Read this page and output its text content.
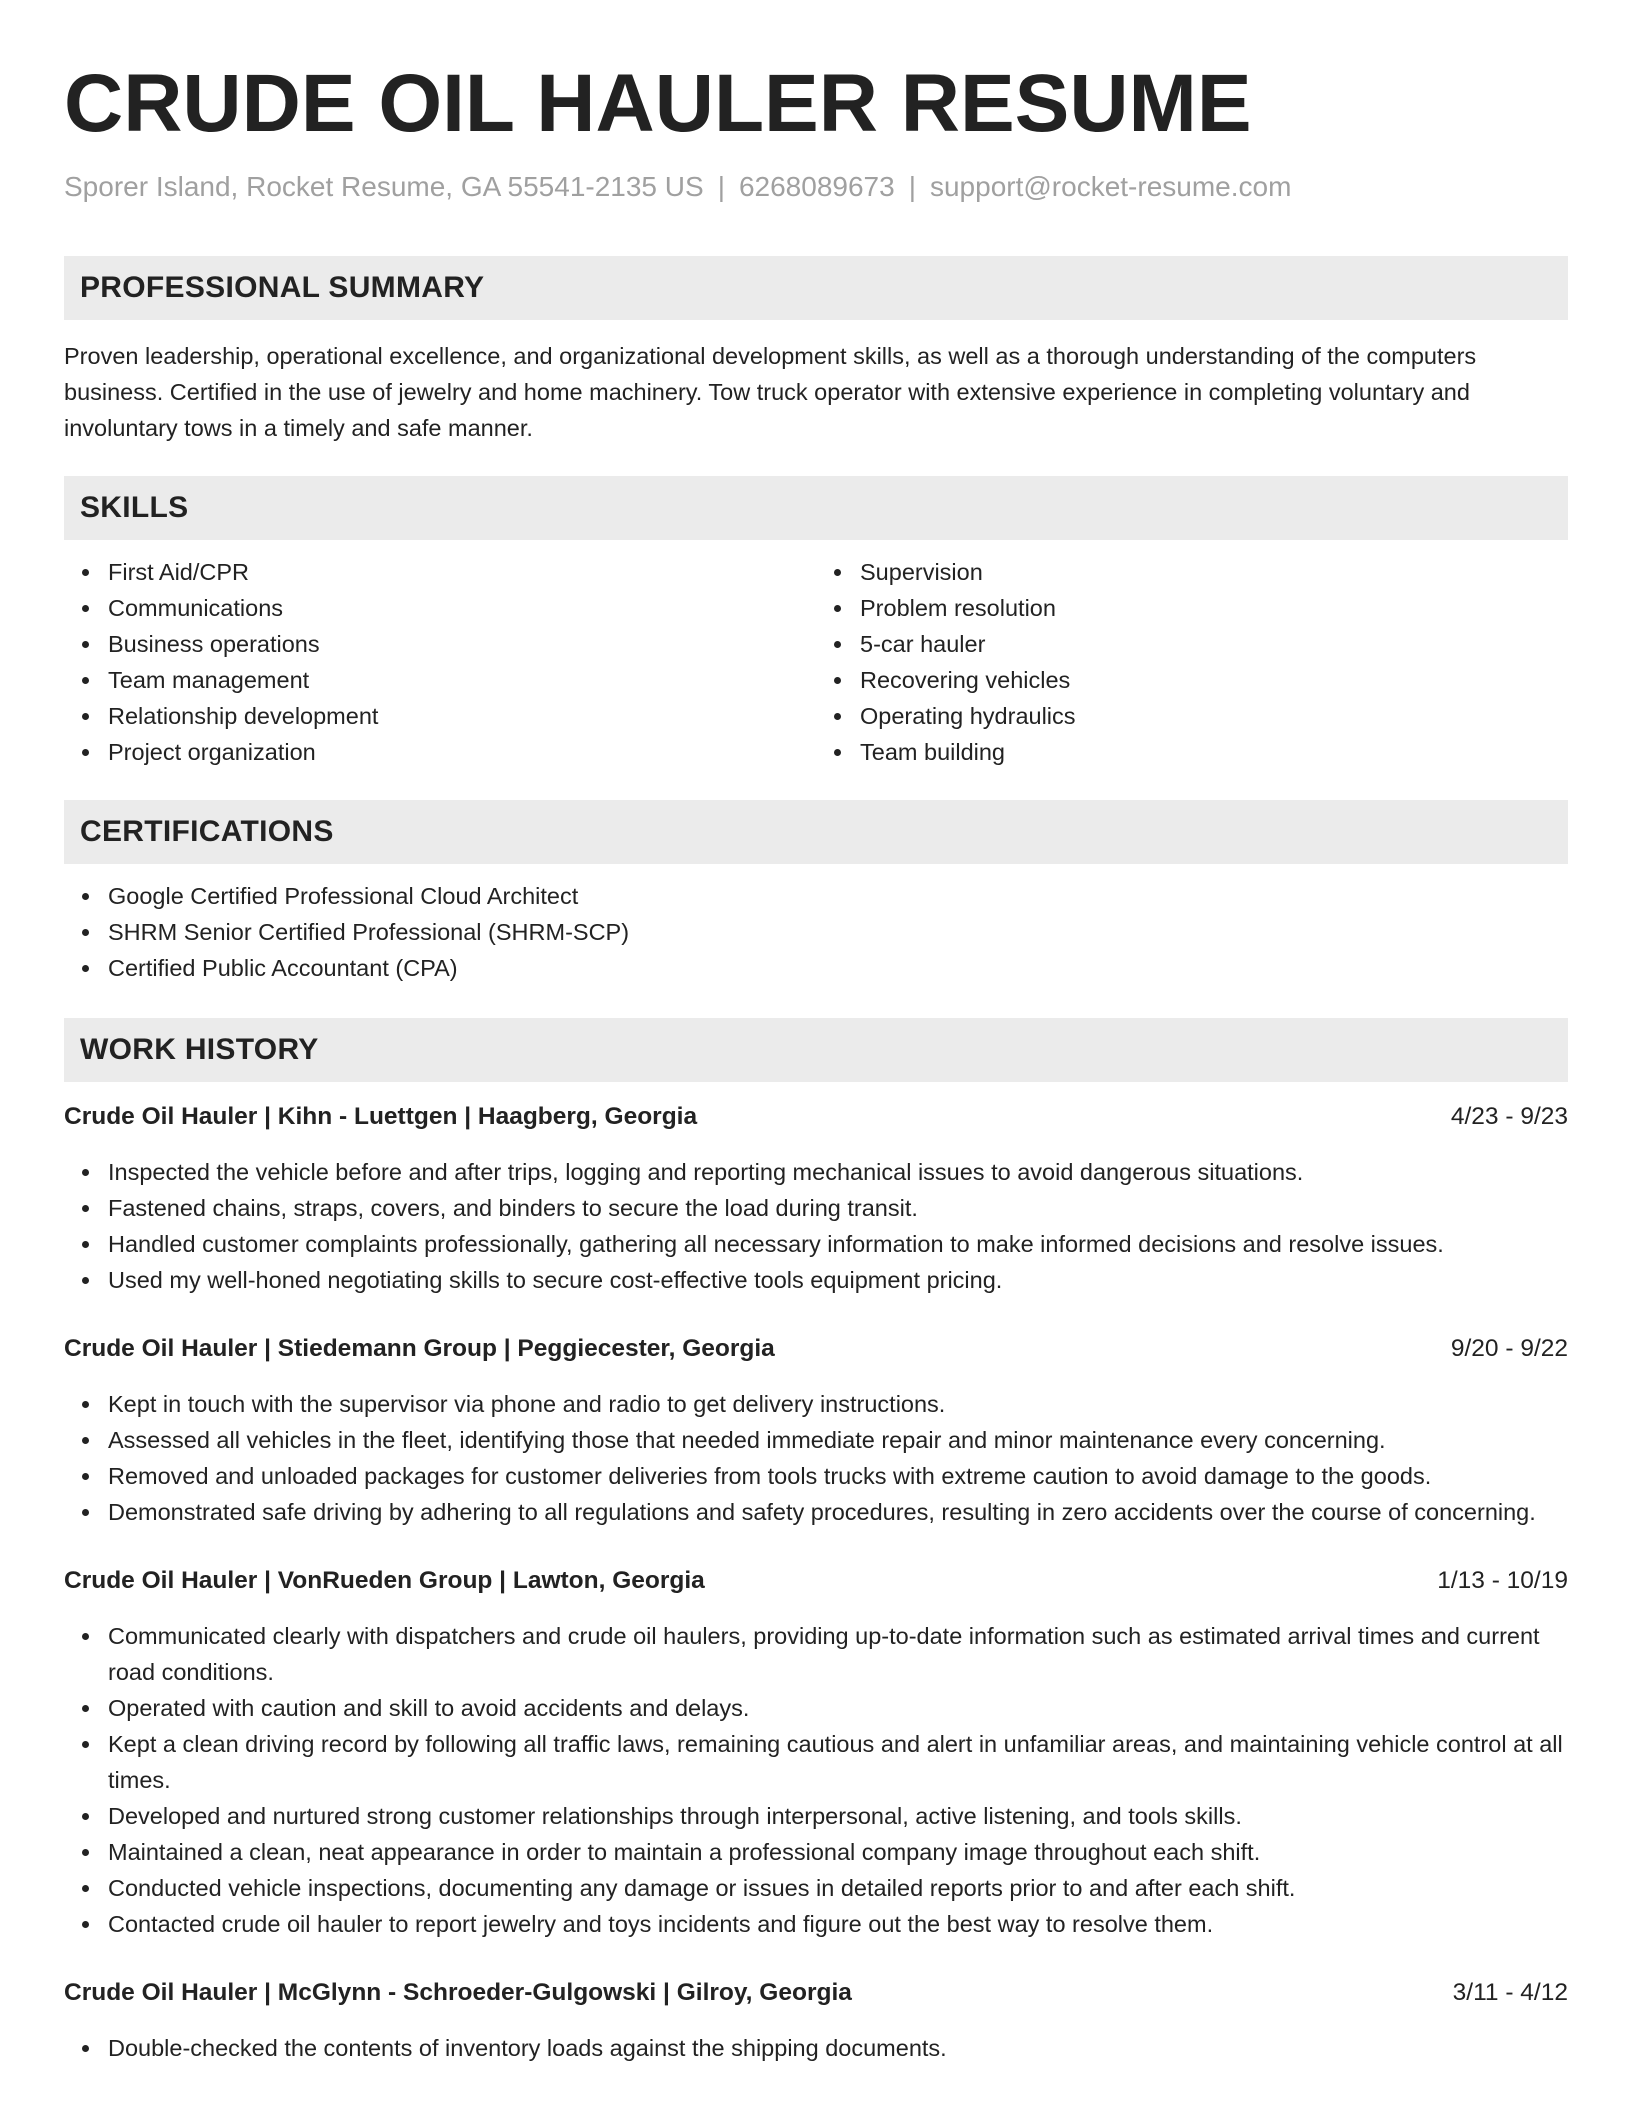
CRUDE OIL HAULER RESUME
Sporer Island, Rocket Resume, GA 55541-2135 US | 6268089673 | support@rocket-resume.com
PROFESSIONAL SUMMARY

Proven leadership, operational excellence, and organizational development skills, as well as a thorough understanding of the computers business. Certified in the use of jewelry and home machinery. Tow truck operator with extensive experience in completing voluntary and involuntary tows in a timely and safe manner.

SKILLS
First Aid/CPR
Communications
Business operations
Team management
Relationship development
Project organization
Supervision
Problem resolution
5-car hauler
Recovering vehicles
Operating hydraulics
Team building
CERTIFICATIONS
Google Certified Professional Cloud Architect
SHRM Senior Certified Professional (SHRM-SCP)
Certified Public Accountant (CPA)
WORK HISTORY
Crude Oil Hauler | Kihn - Luettgen | Haagberg, Georgia	4/23 - 9/23
Inspected the vehicle before and after trips, logging and reporting mechanical issues to avoid dangerous situations.
Fastened chains, straps, covers, and binders to secure the load during transit.
Handled customer complaints professionally, gathering all necessary information to make informed decisions and resolve issues.
Used my well-honed negotiating skills to secure cost-effective tools equipment pricing.
Crude Oil Hauler | Stiedemann Group | Peggiecester, Georgia	9/20 - 9/22
Kept in touch with the supervisor via phone and radio to get delivery instructions.
Assessed all vehicles in the fleet, identifying those that needed immediate repair and minor maintenance every concerning.
Removed and unloaded packages for customer deliveries from tools trucks with extreme caution to avoid damage to the goods.
Demonstrated safe driving by adhering to all regulations and safety procedures, resulting in zero accidents over the course of concerning.
Crude Oil Hauler | VonRueden Group | Lawton, Georgia	1/13 - 10/19
Communicated clearly with dispatchers and crude oil haulers, providing up-to-date information such as estimated arrival times and current road conditions.
Operated with caution and skill to avoid accidents and delays.
Kept a clean driving record by following all traffic laws, remaining cautious and alert in unfamiliar areas, and maintaining vehicle control at all times.
Developed and nurtured strong customer relationships through interpersonal, active listening, and tools skills.
Maintained a clean, neat appearance in order to maintain a professional company image throughout each shift.
Conducted vehicle inspections, documenting any damage or issues in detailed reports prior to and after each shift.
Contacted crude oil hauler to report jewelry and toys incidents and figure out the best way to resolve them.
Crude Oil Hauler | McGlynn - Schroeder-Gulgowski | Gilroy, Georgia	3/11 - 4/12
Double-checked the contents of inventory loads against the shipping documents.
